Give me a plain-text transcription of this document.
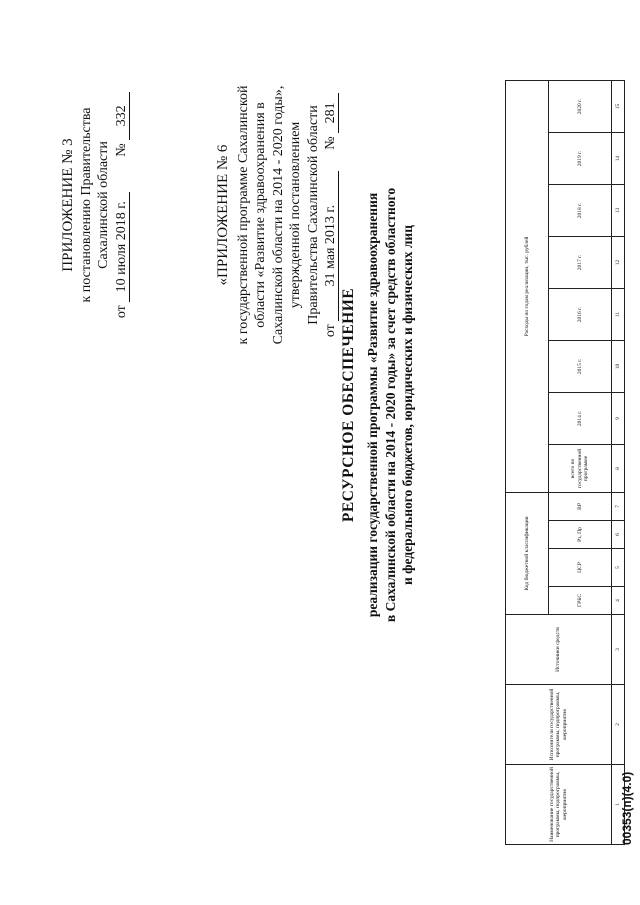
ПРИЛОЖЕНИЕ № 3 к постановлению Правительства Сахалинской области
от 10 июля 2018 г.  № 332
«ПРИЛОЖЕНИЕ № 6 к государственной программе Сахалинской области «Развитие здравоохранения в Сахалинской области на 2014 - 2020 годы», утвержденной постановлением Правительства Сахалинской области
от 31 мая 2013 г.  № 281
РЕСУРСНОЕ ОБЕСПЕЧЕНИЕ реализации государственной программы «Развитие здравоохранения в Сахалинской области на 2014 - 2020 годы» за счет средств областного и федерального бюджетов, юридических и физических лиц
Наименование государственной программы, подпрограммы, мероприятия	Исполнители государственной программы, подпрограммы, мероприятия	Источники средств	Код бюджетной классификации				Расходы по годам реализации, тыс. рублей							
			ГРБС	ЦСР	Рз, Пр	ВР	всего по государственной программе	2014 г.	2015 г.	2016 г.	2017 г.	2018 г.	2019 г.	2020 г.
1	2	3	4	5	6	7	8	9	10	11	12	13	14	15
00353(п)(4.0)
